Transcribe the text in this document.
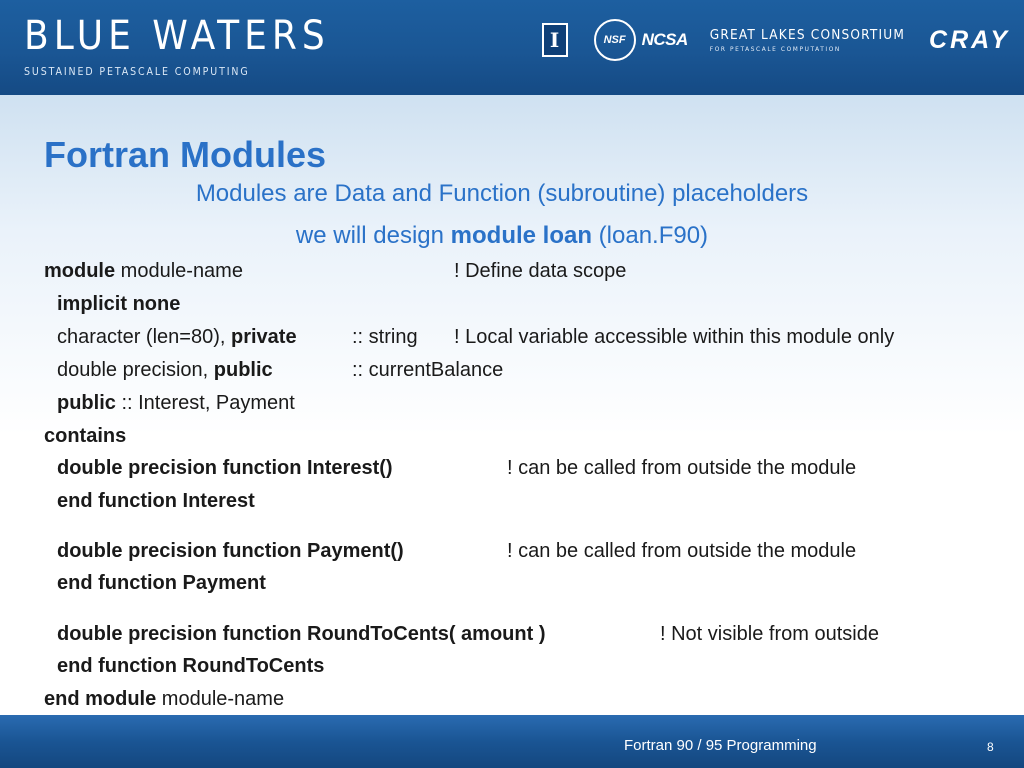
BLUE WATERS
SUSTAINED PETASCALE COMPUTING
I	NSF NCSA GREAT LAKES CONSORTIUM
FOR PETASCALE COMPUTATION	CRAY
Fortran Modules

Modules are Data and Function (subroutine) placeholders

we will design module loan (loan.F90)

module module-name	! Define data scope
implicit none
character (len=80), private	:: string ! Local variable accessible within this module only
double precision, public	:: currentBalance
public :: Interest, Payment
contains
double precision function Interest()	! can be called from outside the module
end function Interest
double precision function Payment()	! can be called from outside the module
end function Payment
double precision function RoundToCents( amount )	! Not visible from outside
end function RoundToCents
end module module-name
Fortran 90 / 95 Programming	8
